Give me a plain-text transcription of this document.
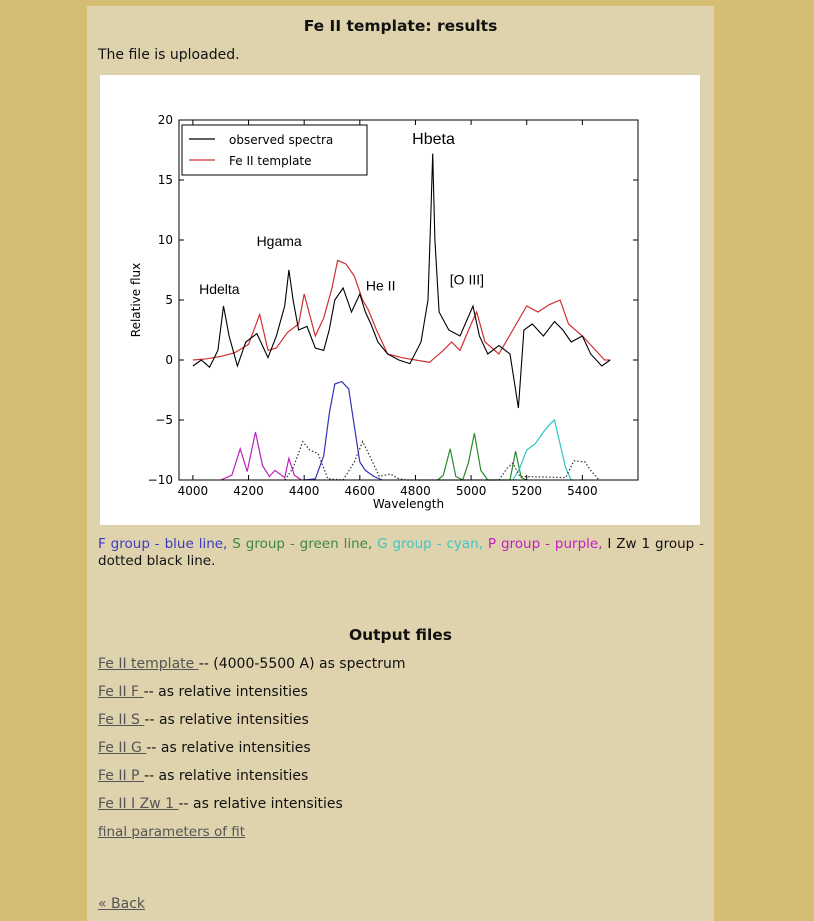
Fe II template: results
The file is uploaded.
4000 4200 4400 4600 4800 5000 5200 5400
−10
−5
0
5
10
15
20
Wavelength
Relative flux
observed spectra
Fe II template
Hbeta
Hgama
Hdelta	He II	[O III]
F group - blue line, S group - green line, G group - cyan, P group - purple, I Zw 1 group - dotted black line.
Output files
Fe II template -- (4000-5500 A) as spectrum
Fe II F -- as relative intensities
Fe II S -- as relative intensities
Fe II G -- as relative intensities
Fe II P -- as relative intensities
Fe II I Zw 1 -- as relative intensities
final parameters of fit
« Back
